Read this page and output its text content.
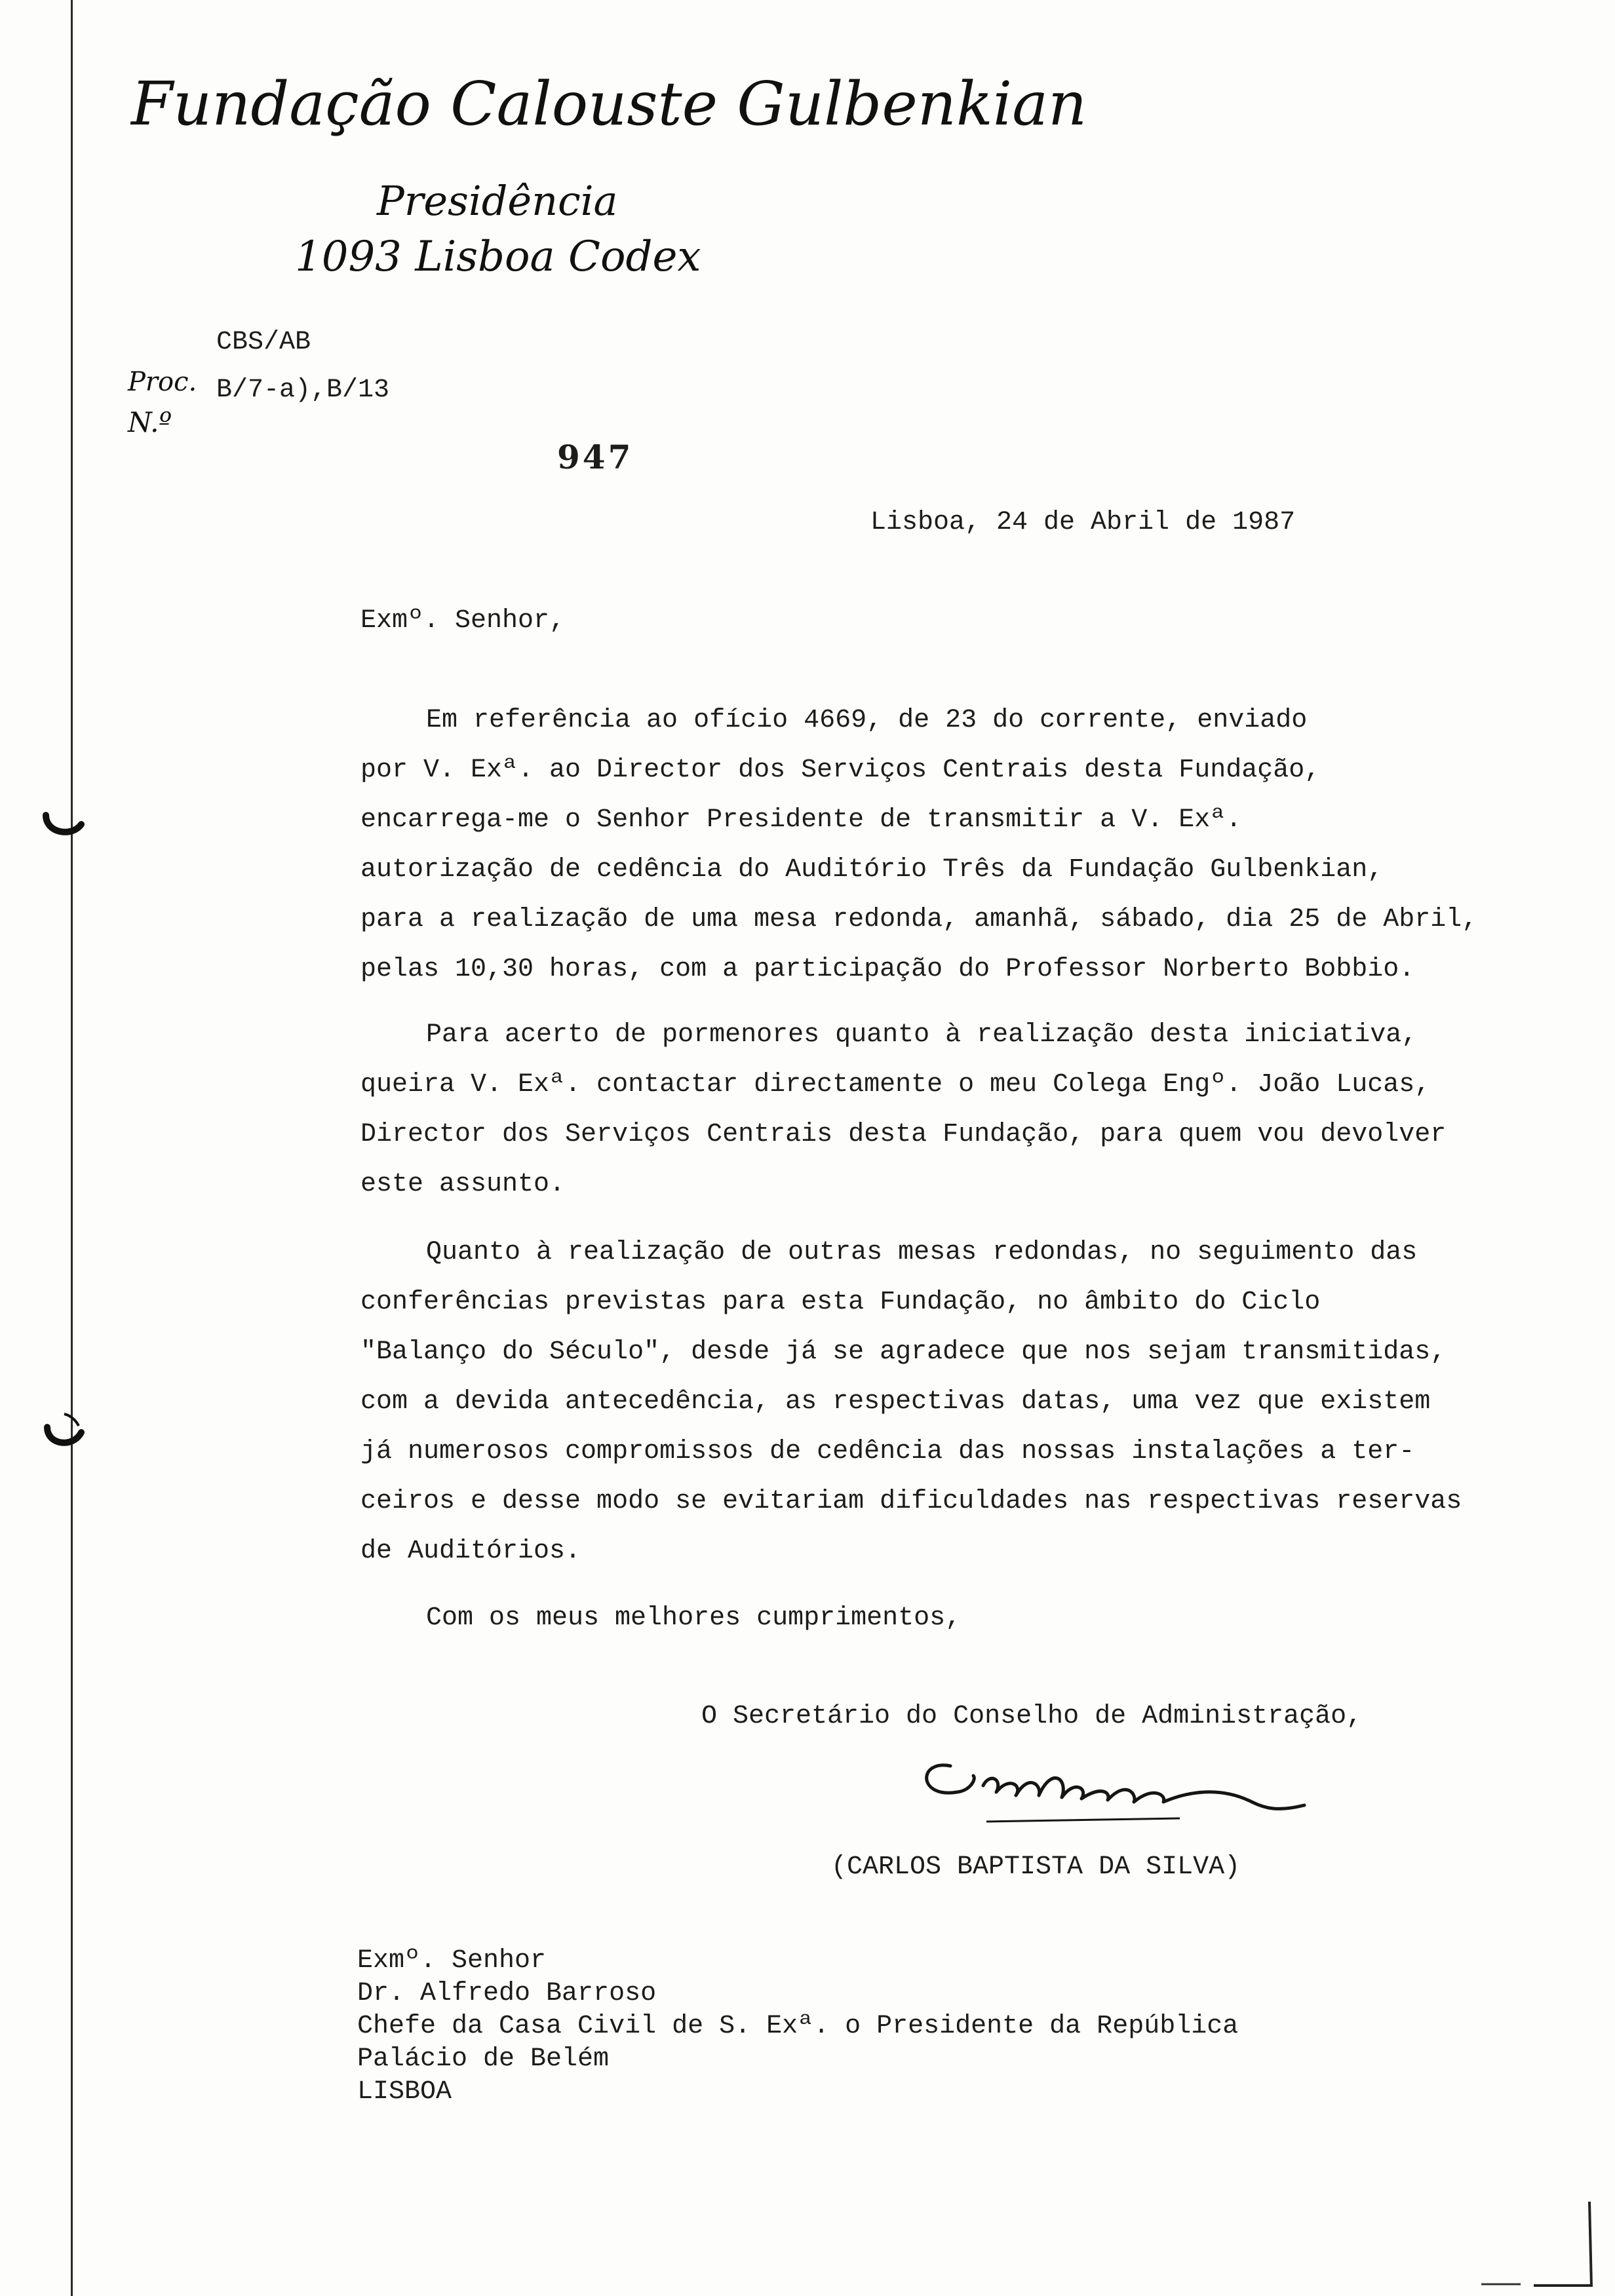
Fundação Calouste Gulbenkian
Presidência
1093 Lisboa Codex
CBS/AB
Proc. B/7-a),B/13
N.º
947
Lisboa, 24 de Abril de 1987
Exmº. Senhor,

Em referência ao ofício 4669, de 23 do corrente, enviado

por V. Exª. ao Director dos Serviços Centrais desta Fundação,

encarrega-me o Senhor Presidente de transmitir a V. Exª.

autorização de cedência do Auditório Três da Fundação Gulbenkian,

para a realização de uma mesa redonda, amanhã, sábado, dia 25 de Abril,

pelas 10,30 horas, com a participação do Professor Norberto Bobbio.

Para acerto de pormenores quanto à realização desta iniciativa,

queira V. Exª. contactar directamente o meu Colega Engº. João Lucas,

Director dos Serviços Centrais desta Fundação, para quem vou devolver

este assunto.

Quanto à realização de outras mesas redondas, no seguimento das

conferências previstas para esta Fundação, no âmbito do Ciclo

"Balanço do Século", desde já se agradece que nos sejam transmitidas,

com a devida antecedência, as respectivas datas, uma vez que existem

já numerosos compromissos de cedência das nossas instalações a ter-

ceiros e desse modo se evitariam dificuldades nas respectivas reservas

de Auditórios.

Com os meus melhores cumprimentos,
O Secretário do Conselho de Administração,
(CARLOS BAPTISTA DA SILVA)
Exmº. Senhor
Dr. Alfredo Barroso
Chefe da Casa Civil de S. Exª. o Presidente da República
Palácio de Belém
LISBOA
